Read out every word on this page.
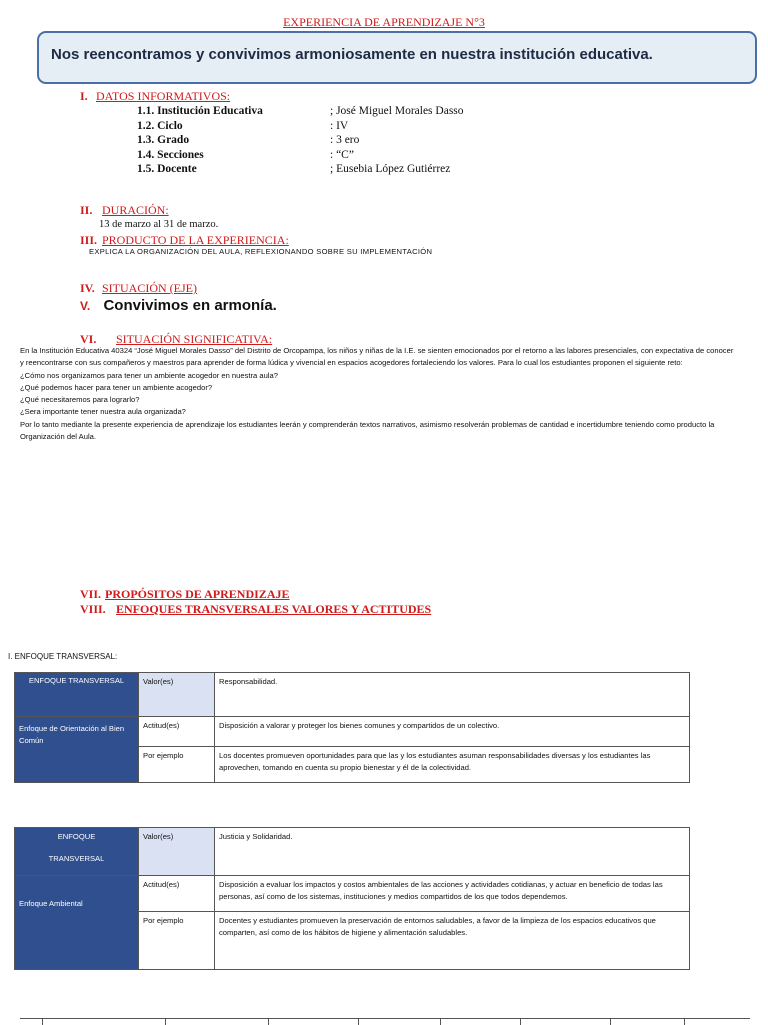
EXPERIENCIA DE APRENDIZAJE N°3
Nos reencontramos y convivimos armoniosamente en nuestra institución educativa.
I. DATOS INFORMATIVOS:
1.1. Institución Educativa	; José Miguel Morales Dasso
1.2. Ciclo	: IV
1.3. Grado	: 3 ero
1.4. Secciones	: “C”
1.5. Docente	; Eusebia López Gutiérrez
II. DURACIÓN:
13 de marzo al 31 de marzo.
III. PRODUCTO DE LA EXPERIENCIA:
EXPLICA LA ORGANIZACIÓN DEL AULA, REFLEXIONANDO SOBRE SU IMPLEMENTACIÓN
IV. SITUACIÓN (EJE)
V. Convivimos en armonía.
VI. SITUACIÓN SIGNIFICATIVA:
En la Institución Educativa 40324 “José Miguel Morales Dasso” del Distrito de Orcopampa, los niños y niñas de la I.E. se sienten emocionados por el retorno a las labores presenciales, con expectativa de conocer y reencontrarse con sus compañeros y maestros para aprender de forma lúdica y vivencial en espacios acogedores fortaleciendo los valores. Para lo cual los estudiantes proponen el siguiente reto:
¿Cómo nos organizamos para tener un ambiente acogedor en nuestra aula?
¿Qué podemos hacer para tener un ambiente acogedor?
¿Qué necesitaremos para lograrlo?
¿Sera importante tener nuestra aula organizada?
Por lo tanto mediante la presente experiencia de aprendizaje los estudiantes leerán y comprenderán textos narrativos, asimismo resolverán problemas de cantidad e incertidumbre teniendo como producto la Organización del Aula.
VII. PROPÓSITOS DE APRENDIZAJE
VIII. ENFOQUES TRANSVERSALES VALORES Y ACTITUDES
I. ENFOQUE TRANSVERSAL:
ENFOQUE TRANSVERSAL	Valor(es)	Responsabilidad.
Enfoque de Orientación al Bien Común	Actitud(es)	Disposición a valorar y proteger los bienes comunes y compartidos de un colectivo.
	Por ejemplo	Los docentes promueven oportunidades para que las y los estudiantes asuman responsabilidades diversas y los estudiantes las aprovechen, tomando en cuenta su propio bienestar y él de la colectividad.
ENFOQUE
TRANSVERSAL	Valor(es)	Justicia y Solidaridad.
Enfoque Ambiental	Actitud(es)	Disposición a evaluar los impactos y costos ambientales de las acciones y actividades cotidianas, y actuar en beneficio de todas las personas, así como de los sistemas, instituciones y medios compartidos de los que todos dependemos.
	Por ejemplo	Docentes y estudiantes promueven la preservación de entornos saludables, a favor de la limpieza de los espacios educativos que comparten, así como de los hábitos de higiene y alimentación saludables.
